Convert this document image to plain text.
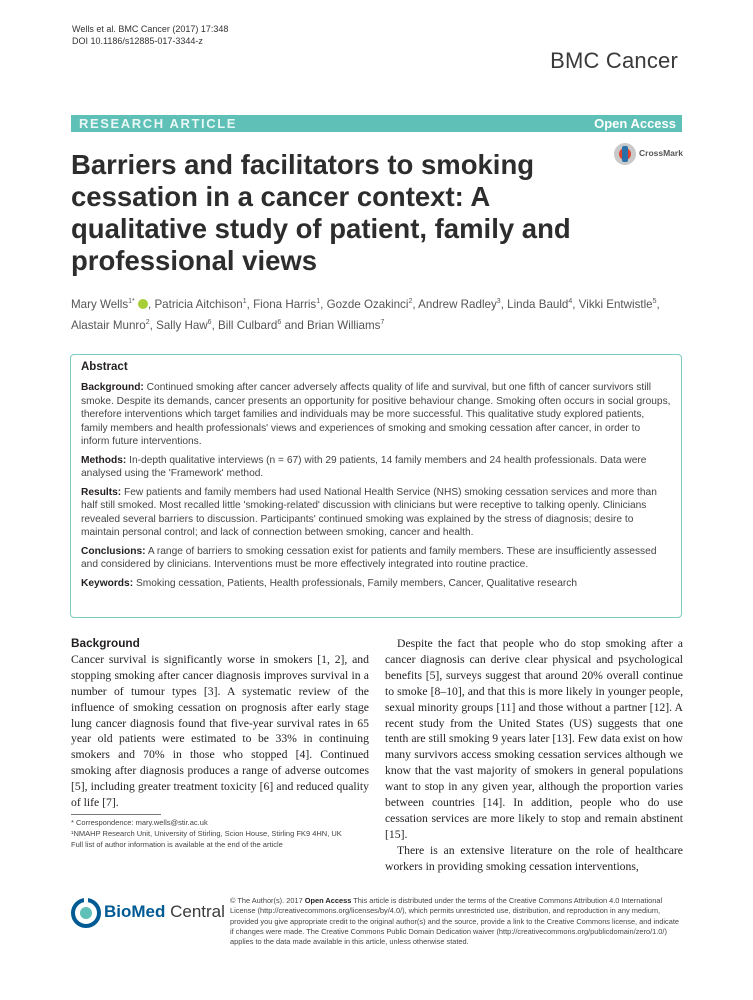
Wells et al. BMC Cancer (2017) 17:348
DOI 10.1186/s12885-017-3344-z
BMC Cancer
RESEARCH ARTICLE	Open Access
CrossMark
Barriers and facilitators to smoking cessation in a cancer context: A qualitative study of patient, family and professional views
Mary Wells$^{1*}$ , Patricia Aitchison$^1$, Fiona Harris$^1$, Gozde Ozakinci$^2$, Andrew Radley$^3$, Linda Bauld$^4$, Vikki Entwistle$^5$, Alastair Munro$^2$, Sally Haw$^6$, Bill Culbard$^6$ and Brian Williams$^7$
Abstract

Background: Continued smoking after cancer adversely affects quality of life and survival, but one fifth of cancer survivors still smoke. Despite its demands, cancer presents an opportunity for positive behaviour change. Smoking often occurs in social groups, therefore interventions which target families and individuals may be more successful. This qualitative study explored patients, family members and health professionals' views and experiences of smoking and smoking cessation after cancer, in order to inform future interventions.

Methods: In-depth qualitative interviews (n = 67) with 29 patients, 14 family members and 24 health professionals. Data were analysed using the 'Framework' method.

Results: Few patients and family members had used National Health Service (NHS) smoking cessation services and more than half still smoked. Most recalled little 'smoking-related' discussion with clinicians but were receptive to talking openly. Clinicians revealed several barriers to discussion. Participants' continued smoking was explained by the stress of diagnosis; desire to maintain personal control; and lack of connection between smoking, cancer and health.

Conclusions: A range of barriers to smoking cessation exist for patients and family members. These are insufficiently assessed and considered by clinicians. Interventions must be more effectively integrated into routine practice.

Keywords: Smoking cessation, Patients, Health professionals, Family members, Cancer, Qualitative research

Background

Cancer survival is significantly worse in smokers [1, 2], and stopping smoking after cancer diagnosis improves survival in a number of tumour types [3]. A systematic review of the influence of smoking cessation on prognosis after early stage lung cancer diagnosis found that five-year survival rates in 65 year old patients were estimated to be 33% in continuing smokers and 70% in those who stopped [4]. Continued smoking after diagnosis produces a range of adverse outcomes [5], including greater treatment toxicity [6] and reduced quality of life [7].

Despite the fact that people who do stop smoking after a cancer diagnosis can derive clear physical and psychological benefits [5], surveys suggest that around 20% overall continue to smoke [8–10], and that this is more likely in younger people, sexual minority groups [11] and those without a partner [12]. A recent study from the United States (US) suggests that one tenth are still smoking 9 years later [13]. Few data exist on how many survivors access smoking cessation services although we know that the vast majority of smokers in general populations want to stop in any given year, although the proportion varies between countries [14]. In addition, people who do use cessation services are more likely to stop and remain abstinent [15].

There is an extensive literature on the role of healthcare workers in providing smoking cessation interventions,

* Correspondence: mary.wells@stir.ac.uk
¹NMAHP Research Unit, University of Stirling, Scion House, Stirling FK9 4HN, UK
Full list of author information is available at the end of the article
BioMed Central
© The Author(s). 2017 Open Access This article is distributed under the terms of the Creative Commons Attribution 4.0 International License (http://creativecommons.org/licenses/by/4.0/), which permits unrestricted use, distribution, and reproduction in any medium, provided you give appropriate credit to the original author(s) and the source, provide a link to the Creative Commons license, and indicate if changes were made. The Creative Commons Public Domain Dedication waiver (http://creativecommons.org/publicdomain/zero/1.0/) applies to the data made available in this article, unless otherwise stated.
